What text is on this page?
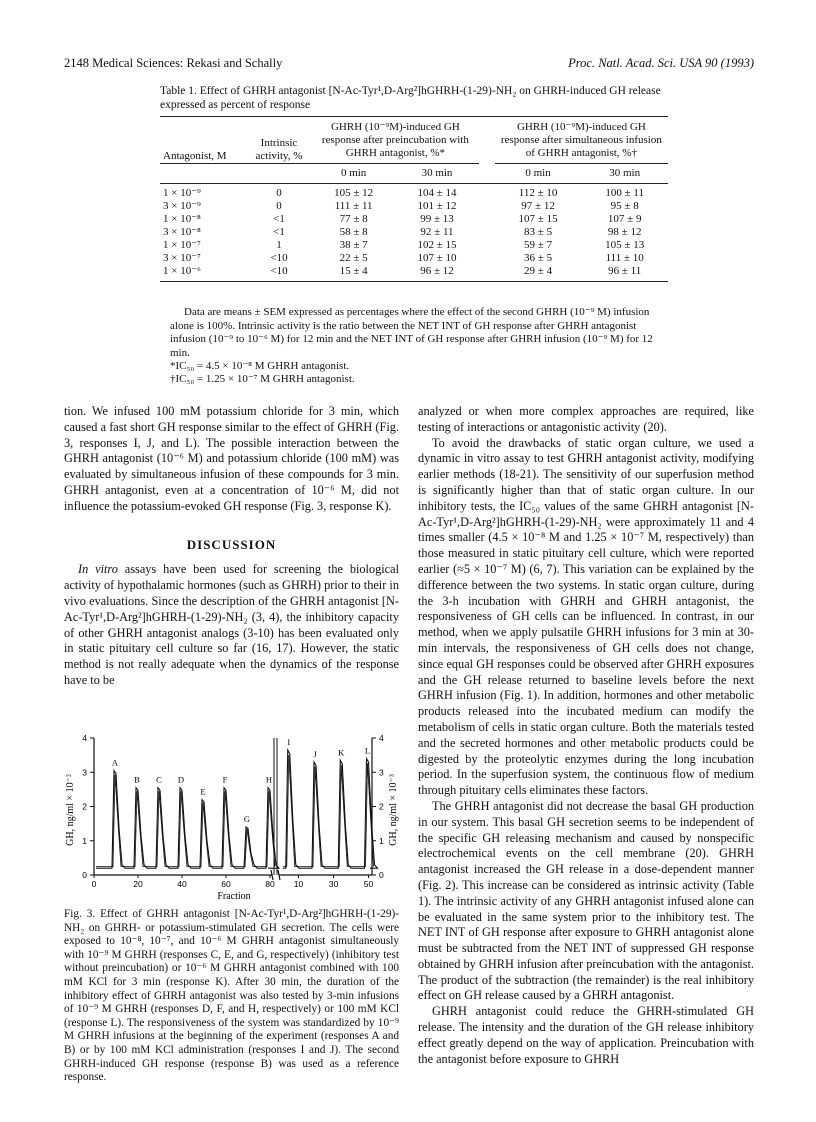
2148 Medical Sciences: Rekasi and Schally	Proc. Natl. Acad. Sci. USA 90 (1993)
Table 1. Effect of GHRH antagonist [N-Ac-Tyr¹,D-Arg²]hGHRH-(1-29)-NH₂ on GHRH-induced GH release expressed as percent of response
Antagonist, M	Intrinsic activity, %	GHRH (10⁻⁹M)-induced GH response after preincubation with GHRH antagonist, %*			GHRH (10⁻⁹M)-induced GH response after simultaneous infusion of GHRH antagonist, %†	

		0 min	30 min		0 min	30 min
1 × 10⁻⁹	0	105 ± 12	104 ± 14		112 ± 10	100 ± 11
3 × 10⁻⁹	0	111 ± 11	101 ± 12		97 ± 12	95 ± 8
1 × 10⁻⁸	<1	77 ± 8	99 ± 13		107 ± 15	107 ± 9
3 × 10⁻⁸	<1	58 ± 8	92 ± 11		83 ± 5	98 ± 12
1 × 10⁻⁷	1	38 ± 7	102 ± 15		59 ± 7	105 ± 13
3 × 10⁻⁷	<10	22 ± 5	107 ± 10		36 ± 5	111 ± 10
1 × 10⁻⁶	<10	15 ± 4	96 ± 12		29 ± 4	96 ± 11
Data are means ± SEM expressed as percentages where the effect of the second GHRH (10⁻⁹ M) infusion alone is 100%. Intrinsic activity is the ratio between the NET INT of GH response after GHRH antagonist infusion (10⁻⁹ to 10⁻⁶ M) for 12 min and the NET INT of GH response after GHRH infusion (10⁻⁹ M) for 12 min.
*IC₅₀ = 4.5 × 10⁻⁸ M GHRH antagonist.
†IC₅₀ = 1.25 × 10⁻⁷ M GHRH antagonist.

tion. We infused 100 mM potassium chloride for 3 min, which caused a fast short GH response similar to the effect of GHRH (Fig. 3, responses I, J, and L). The possible interaction between the GHRH antagonist (10⁻⁶ M) and potassium chloride (100 mM) was evaluated by simultaneous infusion of these compounds for 3 min. GHRH antagonist, even at a concentration of 10⁻⁶ M, did not influence the potassium-evoked GH response (Fig. 3, response K).

DISCUSSION

In vitro assays have been used for screening the biological activity of hypothalamic hormones (such as GHRH) prior to their in vivo evaluations. Since the description of the GHRH antagonist [N-Ac-Tyr¹,D-Arg²]hGHRH-(1-29)-NH₂ (3, 4), the inhibitory capacity of other GHRH antagonist analogs (3-10) has been evaluated only in static pituitary cell culture so far (16, 17). However, the static method is not really adequate when the dynamics of the response have to be

0
1
2
3
4
0	20	40	60	80
A
B C D
E
F
G
H
0
1
2
3
4
10	30	50
I
J	K L
Fraction
GH, ng/ml × 10⁻²	GH, ng/ml × 10⁻³
Fig. 3. Effect of GHRH antagonist [N-Ac-Tyr¹,D-Arg²]hGHRH-(1-29)-NH₂ on GHRH- or potassium-stimulated GH secretion. The cells were exposed to 10⁻⁸, 10⁻⁷, and 10⁻⁶ M GHRH antagonist simultaneously with 10⁻⁹ M GHRH (responses C, E, and G, respectively) (inhibitory test without preincubation) or 10⁻⁶ M GHRH antagonist combined with 100 mM KCl for 3 min (response K). After 30 min, the duration of the inhibitory effect of GHRH antagonist was also tested by 3-min infusions of 10⁻⁹ M GHRH (responses D, F, and H, respectively) or 100 mM KCl (response L). The responsiveness of the system was standardized by 10⁻⁹ M GHRH infusions at the beginning of the experiment (responses A and B) or by 100 mM KCl administration (responses I and J). The second GHRH-induced GH response (response B) was used as a reference response.

analyzed or when more complex approaches are required, like testing of interactions or antagonistic activity (20).

To avoid the drawbacks of static organ culture, we used a dynamic in vitro assay to test GHRH antagonist activity, modifying earlier methods (18-21). The sensitivity of our superfusion method is significantly higher than that of static organ culture. In our inhibitory tests, the IC₅₀ values of the same GHRH antagonist [N-Ac-Tyr¹,D-Arg²]hGHRH-(1-29)-NH₂ were approximately 11 and 4 times smaller (4.5 × 10⁻⁸ M and 1.25 × 10⁻⁷ M, respectively) than those measured in static pituitary cell culture, which were reported earlier (≈5 × 10⁻⁷ M) (6, 7). This variation can be explained by the difference between the two systems. In static organ culture, during the 3-h incubation with GHRH and GHRH antagonist, the responsiveness of GH cells can be influenced. In contrast, in our method, when we apply pulsatile GHRH infusions for 3 min at 30-min intervals, the responsiveness of GH cells does not change, since equal GH responses could be observed after GHRH exposures and the GH release returned to baseline levels before the next GHRH infusion (Fig. 1). In addition, hormones and other metabolic products released into the incubated medium can modify the metabolism of cells in static organ culture. Both the materials tested and the secreted hormones and other metabolic products could be digested by the proteolytic enzymes during the long incubation period. In the superfusion system, the continuous flow of medium through pituitary cells eliminates these factors.

The GHRH antagonist did not decrease the basal GH production in our system. This basal GH secretion seems to be independent of the specific GH releasing mechanism and caused by nonspecific electrochemical events on the cell membrane (20). GHRH antagonist increased the GH release in a dose-dependent manner (Fig. 2). This increase can be considered as intrinsic activity (Table 1). The intrinsic activity of any GHRH antagonist infused alone can be evaluated in the same system prior to the inhibitory test. The NET INT of GH response after exposure to GHRH antagonist alone must be subtracted from the NET INT of suppressed GH response obtained by GHRH infusion after preincubation with the antagonist. The product of the subtraction (the remainder) is the real inhibitory effect on GH release caused by a GHRH antagonist.

GHRH antagonist could reduce the GHRH-stimulated GH release. The intensity and the duration of the GH release inhibitory effect greatly depend on the way of application. Preincubation with the antagonist before exposure to GHRH
